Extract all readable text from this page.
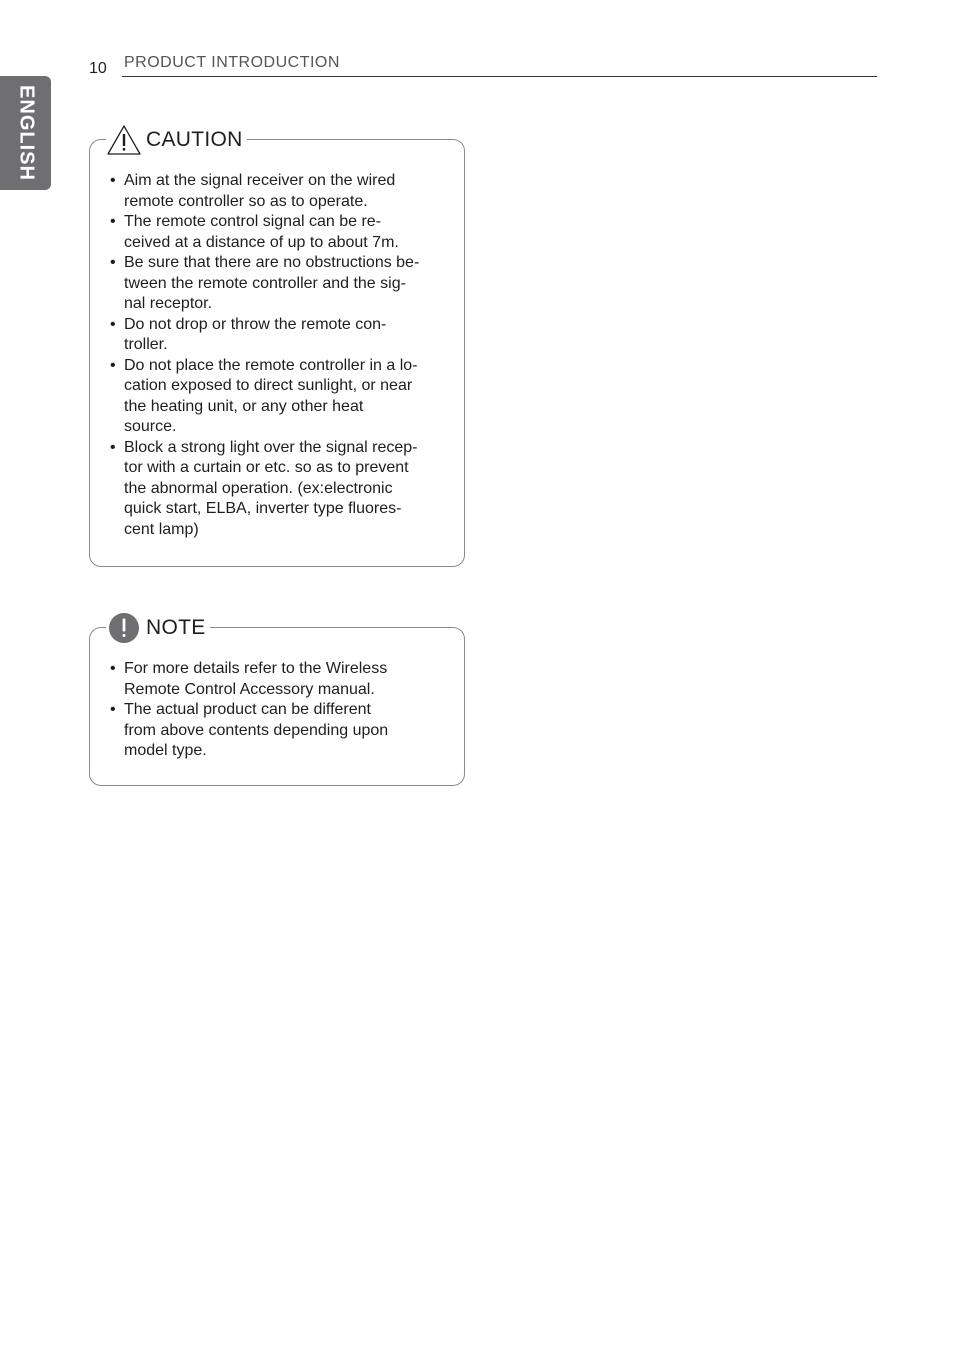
ENGLISH
10 PRODUCT INTRODUCTION
CAUTION
• Aim at the signal receiver on the wired
remote controller so as to operate.
• The remote control signal can be re-
ceived at a distance of up to about 7m.
• Be sure that there are no obstructions be-
tween the remote controller and the sig-
nal receptor.
• Do not drop or throw the remote con-
troller.
• Do not place the remote controller in a lo-
cation exposed to direct sunlight, or near
the heating unit, or any other heat
source.
• Block a strong light over the signal recep-
tor with a curtain or etc. so as to prevent
the abnormal operation. (ex:electronic
quick start, ELBA, inverter type fluores-
cent lamp)
NOTE
• For more details refer to the Wireless
Remote Control Accessory manual.
• The actual product can be different
from above contents depending upon
model type.
